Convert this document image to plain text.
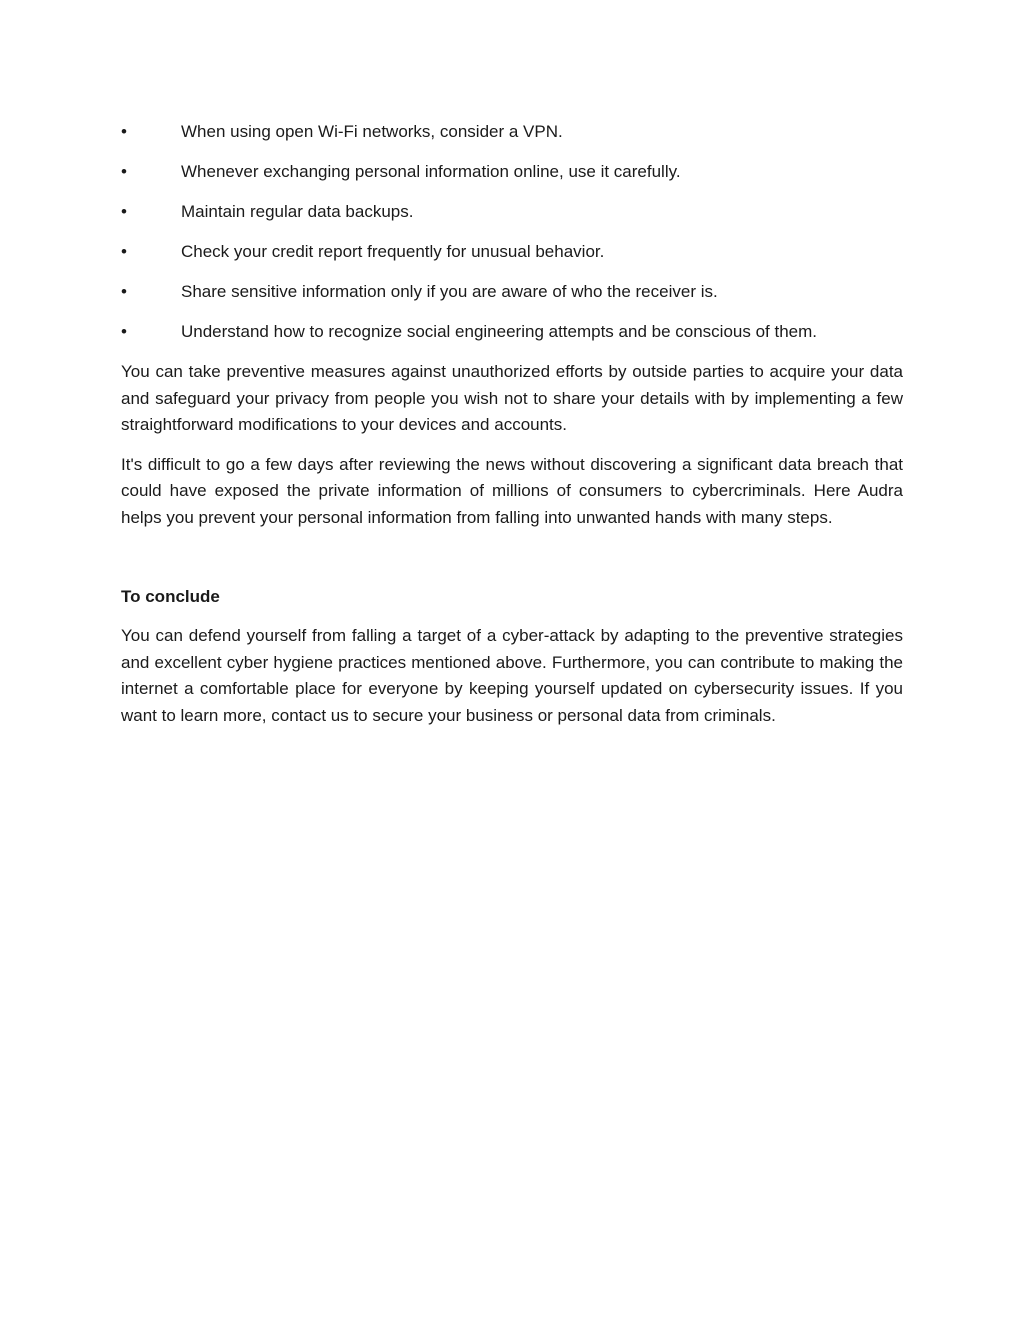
•	When using open Wi-Fi networks, consider a VPN.
•	Whenever exchanging personal information online, use it carefully.
•	Maintain regular data backups.
•	Check your credit report frequently for unusual behavior.
•	Share sensitive information only if you are aware of who the receiver is.
•	Understand how to recognize social engineering attempts and be conscious of them.

You can take preventive measures against unauthorized efforts by outside parties to acquire your data and safeguard your privacy from people you wish not to share your details with by implementing a few straightforward modifications to your devices and accounts.

It's difficult to go a few days after reviewing the news without discovering a significant data breach that could have exposed the private information of millions of consumers to cybercriminals. Here Audra helps you prevent your personal information from falling into unwanted hands with many steps.

To conclude

You can defend yourself from falling a target of a cyber-attack by adapting to the preventive strategies and excellent cyber hygiene practices mentioned above. Furthermore, you can contribute to making the internet a comfortable place for everyone by keeping yourself updated on cybersecurity issues. If you want to learn more, contact us to secure your business or personal data from criminals.
